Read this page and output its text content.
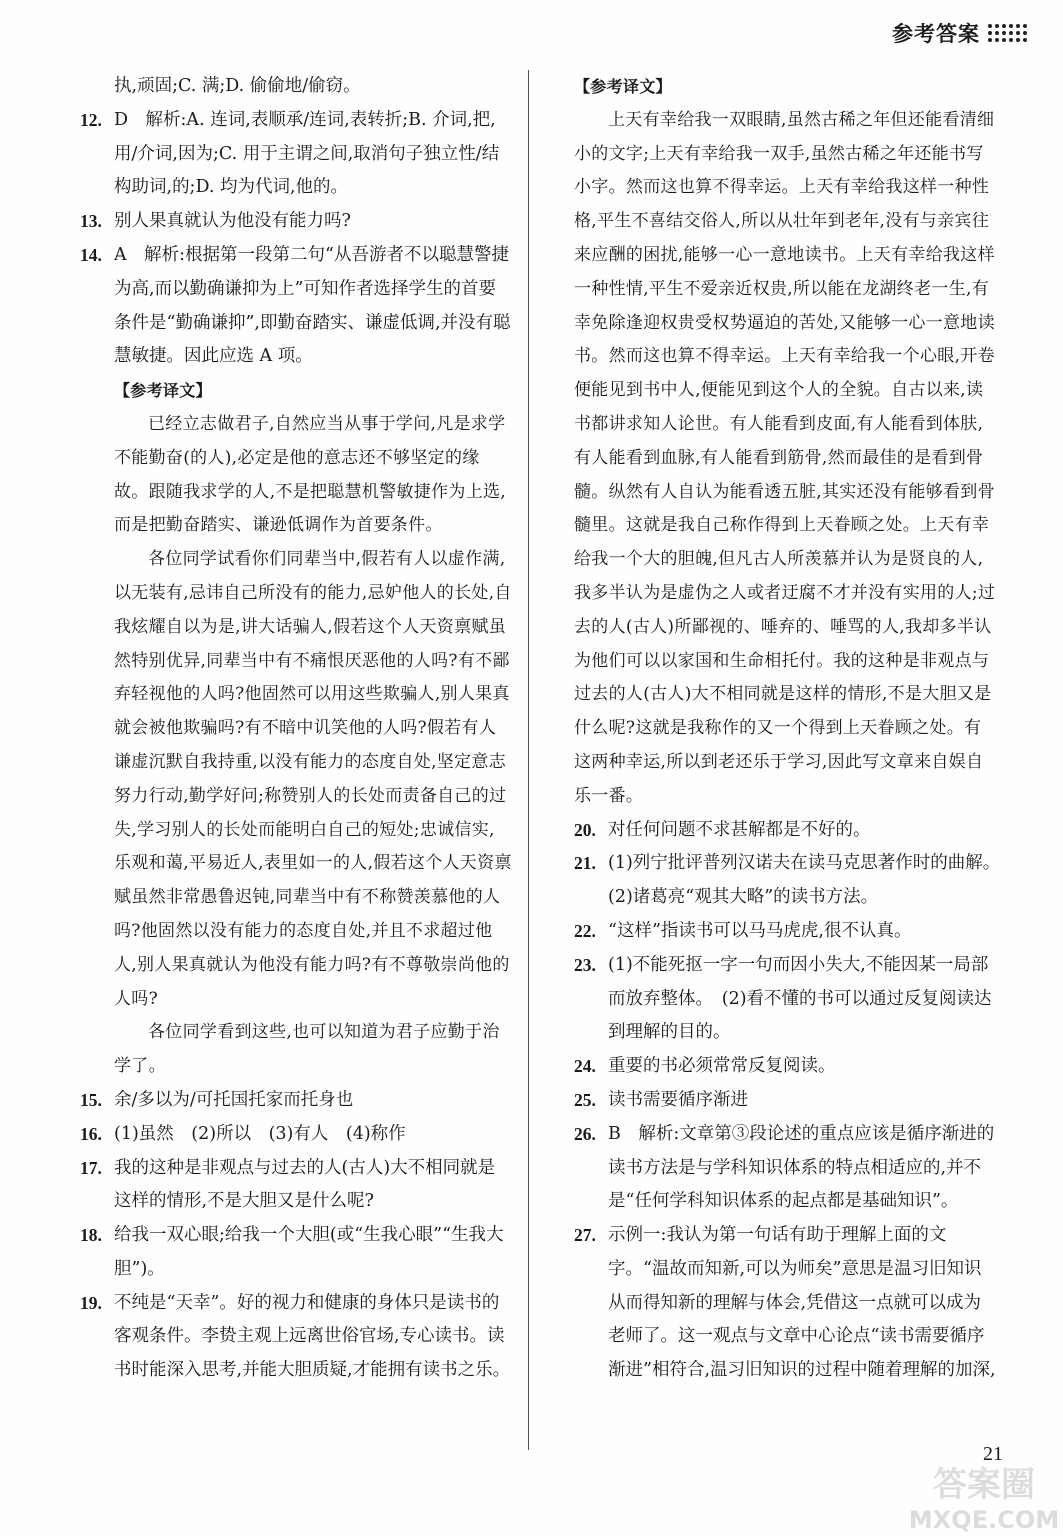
参考答案
执,顽固;C. 满;D. 偷偷地/偷窃。
12. D　解析:A. 连词,表顺承/连词,表转折;B. 介词,把,用/介词,因为;C. 用于主谓之间,取消句子独立性/结构助词,的;D. 均为代词,他的。
13. 别人果真就认为他没有能力吗?
14. A　解析:根据第一段第二句“从吾游者不以聪慧警捷为高,而以勤确谦抑为上”可知作者选择学生的首要条件是“勤确谦抑”,即勤奋踏实、谦虚低调,并没有聪慧敏捷。因此应选 A 项。
【参考译文】

已经立志做君子,自然应当从事于学问,凡是求学不能勤奋(的人),必定是他的意志还不够坚定的缘故。跟随我求学的人,不是把聪慧机警敏捷作为上选,而是把勤奋踏实、谦逊低调作为首要条件。

各位同学试看你们同辈当中,假若有人以虚作满,以无装有,忌讳自己所没有的能力,忌妒他人的长处,自我炫耀自以为是,讲大话骗人,假若这个人天资禀赋虽然特别优异,同辈当中有不痛恨厌恶他的人吗?有不鄙弃轻视他的人吗?他固然可以用这些欺骗人,别人果真就会被他欺骗吗?有不暗中讥笑他的人吗?假若有人谦虚沉默自我持重,以没有能力的态度自处,坚定意志努力行动,勤学好问;称赞别人的长处而责备自己的过失,学习别人的长处而能明白自己的短处;忠诚信实,乐观和蔼,平易近人,表里如一的人,假若这个人天资禀赋虽然非常愚鲁迟钝,同辈当中有不称赞羡慕他的人吗?他固然以没有能力的态度自处,并且不求超过他人,别人果真就认为他没有能力吗?有不尊敬崇尚他的人吗?

各位同学看到这些,也可以知道为君子应勤于治学了。

15. 余/多以为/可托国托家而托身也
16. (1)虽然　(2)所以　(3)有人　(4)称作
17. 我的这种是非观点与过去的人(古人)大不相同就是这样的情形,不是大胆又是什么呢?
18. 给我一双心眼;给我一个大胆(或“生我心眼”“生我大胆”)。
19. 不纯是“天幸”。好的视力和健康的身体只是读书的客观条件。李贽主观上远离世俗官场,专心读书。读书时能深入思考,并能大胆质疑,才能拥有读书之乐。
【参考译文】

上天有幸给我一双眼睛,虽然古稀之年但还能看清细小的文字;上天有幸给我一双手,虽然古稀之年还能书写小字。然而这也算不得幸运。上天有幸给我这样一种性格,平生不喜结交俗人,所以从壮年到老年,没有与亲宾往来应酬的困扰,能够一心一意地读书。上天有幸给我这样一种性情,平生不爱亲近权贵,所以能在龙湖终老一生,有幸免除逢迎权贵受权势逼迫的苦处,又能够一心一意地读书。然而这也算不得幸运。上天有幸给我一个心眼,开卷便能见到书中人,便能见到这个人的全貌。自古以来,读书都讲求知人论世。有人能看到皮面,有人能看到体肤,有人能看到血脉,有人能看到筋骨,然而最佳的是看到骨髓。纵然有人自认为能看透五脏,其实还没有能够看到骨髓里。这就是我自己称作得到上天眷顾之处。上天有幸给我一个大的胆魄,但凡古人所羡慕并认为是贤良的人,我多半认为是虚伪之人或者迂腐不才并没有实用的人;过去的人(古人)所鄙视的、唾弃的、唾骂的人,我却多半认为他们可以以家国和生命相托付。我的这种是非观点与过去的人(古人)大不相同就是这样的情形,不是大胆又是什么呢?这就是我称作的又一个得到上天眷顾之处。有这两种幸运,所以到老还乐于学习,因此写文章来自娱自乐一番。

20. 对任何问题不求甚解都是不好的。
21. (1)列宁批评普列汉诺夫在读马克思著作时的曲解。　(2)诸葛亮“观其大略”的读书方法。
22. “这样”指读书可以马马虎虎,很不认真。
23. (1)不能死抠一字一句而因小失大,不能因某一局部而放弃整体。　(2)看不懂的书可以通过反复阅读达到理解的目的。
24. 重要的书必须常常反复阅读。
25. 读书需要循序渐进
26. B　解析:文章第③段论述的重点应该是循序渐进的读书方法是与学科知识体系的特点相适应的,并不是“任何学科知识体系的起点都是基础知识”。
27. 示例一:我认为第一句话有助于理解上面的文字。“温故而知新,可以为师矣”意思是温习旧知识从而得知新的理解与体会,凭借这一点就可以成为老师了。这一观点与文章中心论点“读书需要循序渐进”相符合,温习旧知识的过程中随着理解的加深,
21
答案圈
MXQE.COM
